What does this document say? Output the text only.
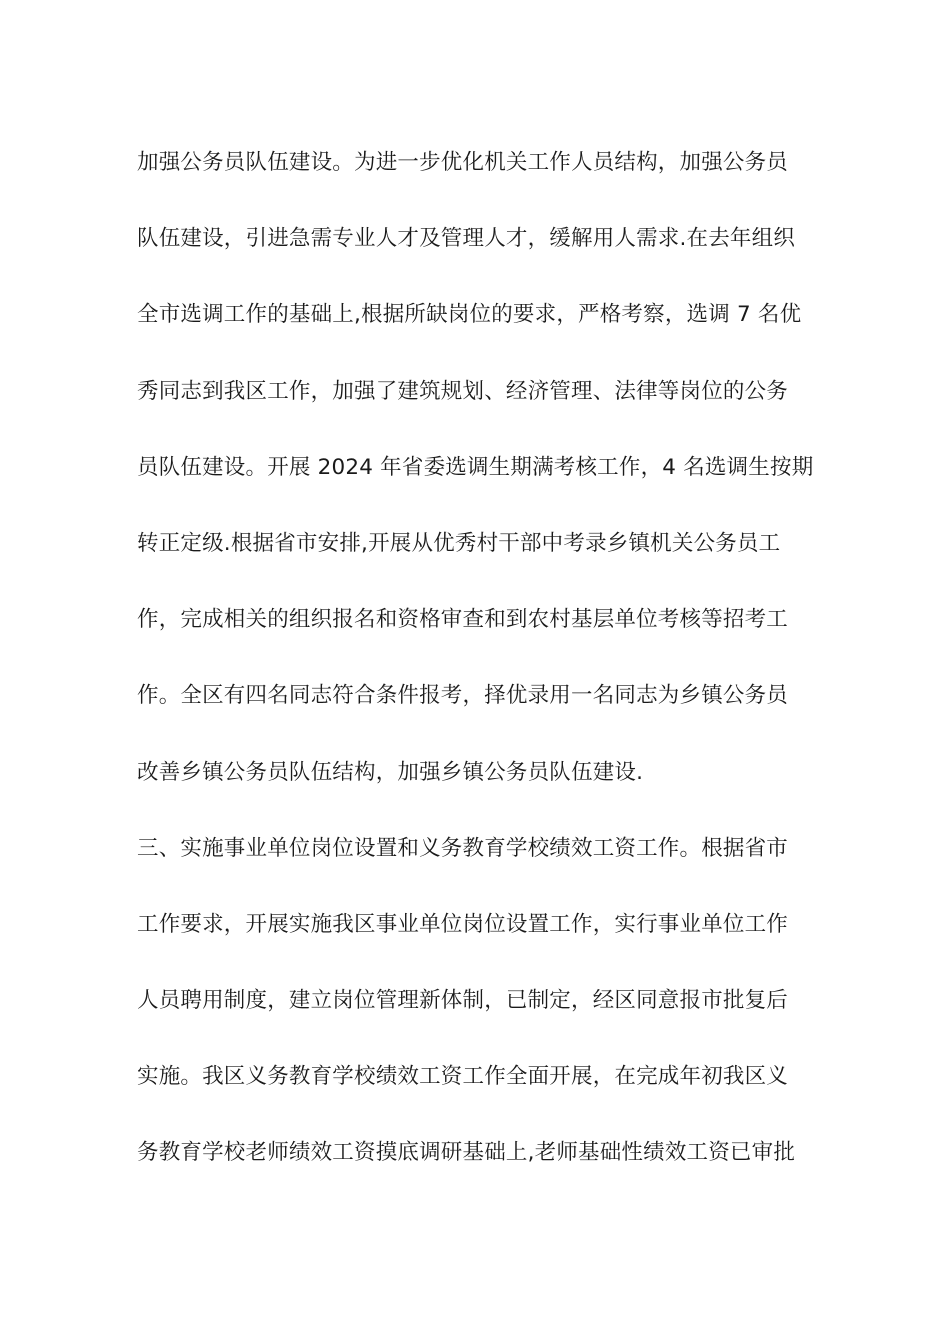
加强公务员队伍建设。为进一步优化机关工作人员结构，加强公务员
队伍建设，引进急需专业人才及管理人才，缓解用人需求.在去年组织
全市选调工作的基础上,根据所缺岗位的要求，严格考察，选调 7 名优
秀同志到我区工作，加强了建筑规划、经济管理、法律等岗位的公务
员队伍建设。开展 2024 年省委选调生期满考核工作，4 名选调生按期
转正定级.根据省市安排,开展从优秀村干部中考录乡镇机关公务员工
作，完成相关的组织报名和资格审查和到农村基层单位考核等招考工
作。全区有四名同志符合条件报考，择优录用一名同志为乡镇公务员
改善乡镇公务员队伍结构，加强乡镇公务员队伍建设.
三、实施事业单位岗位设置和义务教育学校绩效工资工作。根据省市
工作要求，开展实施我区事业单位岗位设置工作，实行事业单位工作
人员聘用制度，建立岗位管理新体制，已制定，经区同意报市批复后
实施。我区义务教育学校绩效工资工作全面开展，在完成年初我区义
务教育学校老师绩效工资摸底调研基础上,老师基础性绩效工资已审批
